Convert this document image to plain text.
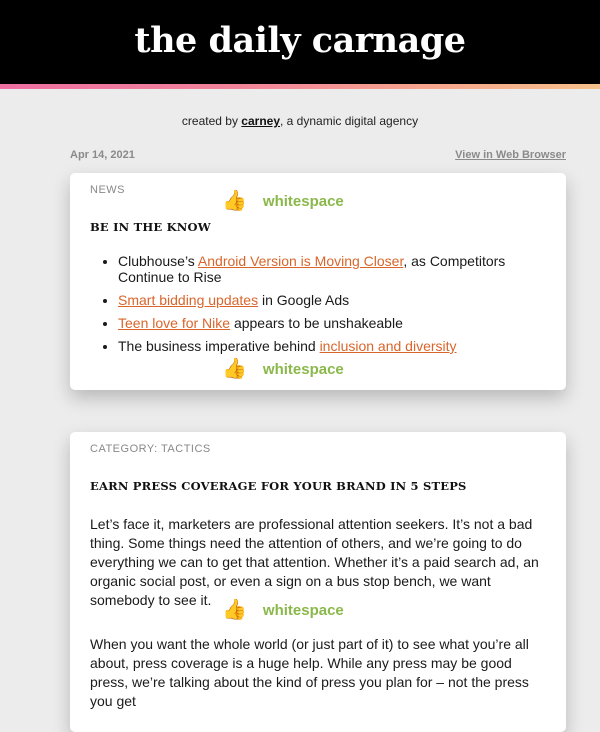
the daily carnage
created by carney, a dynamic digital agency
Apr 14, 2021	View in Web Browser
NEWS	👍 whitespace
BE IN THE KNOW
• Clubhouse’s Android Version is Moving Closer, as Competitors Continue to Rise
• Smart bidding updates in Google Ads
• Teen love for Nike appears to be unshakeable
• The business imperative behind inclusion and diversity
👍 whitespace
CATEGORY: TACTICS
EARN PRESS COVERAGE FOR YOUR BRAND IN 5 STEPS

Let’s face it, marketers are professional attention seekers. It’s not a bad thing. Some things need the attention of others, and we’re going to do everything we can to get that attention. Whether it’s a paid search ad, an organic social post, or even a sign on a bus stop bench, we want somebody to see it. 👍 whitespace

When you want the whole world (or just part of it) to see what you’re all about, press coverage is a huge help. While any press may be good press, we’re talking about the kind of press you plan for – not the press you get
